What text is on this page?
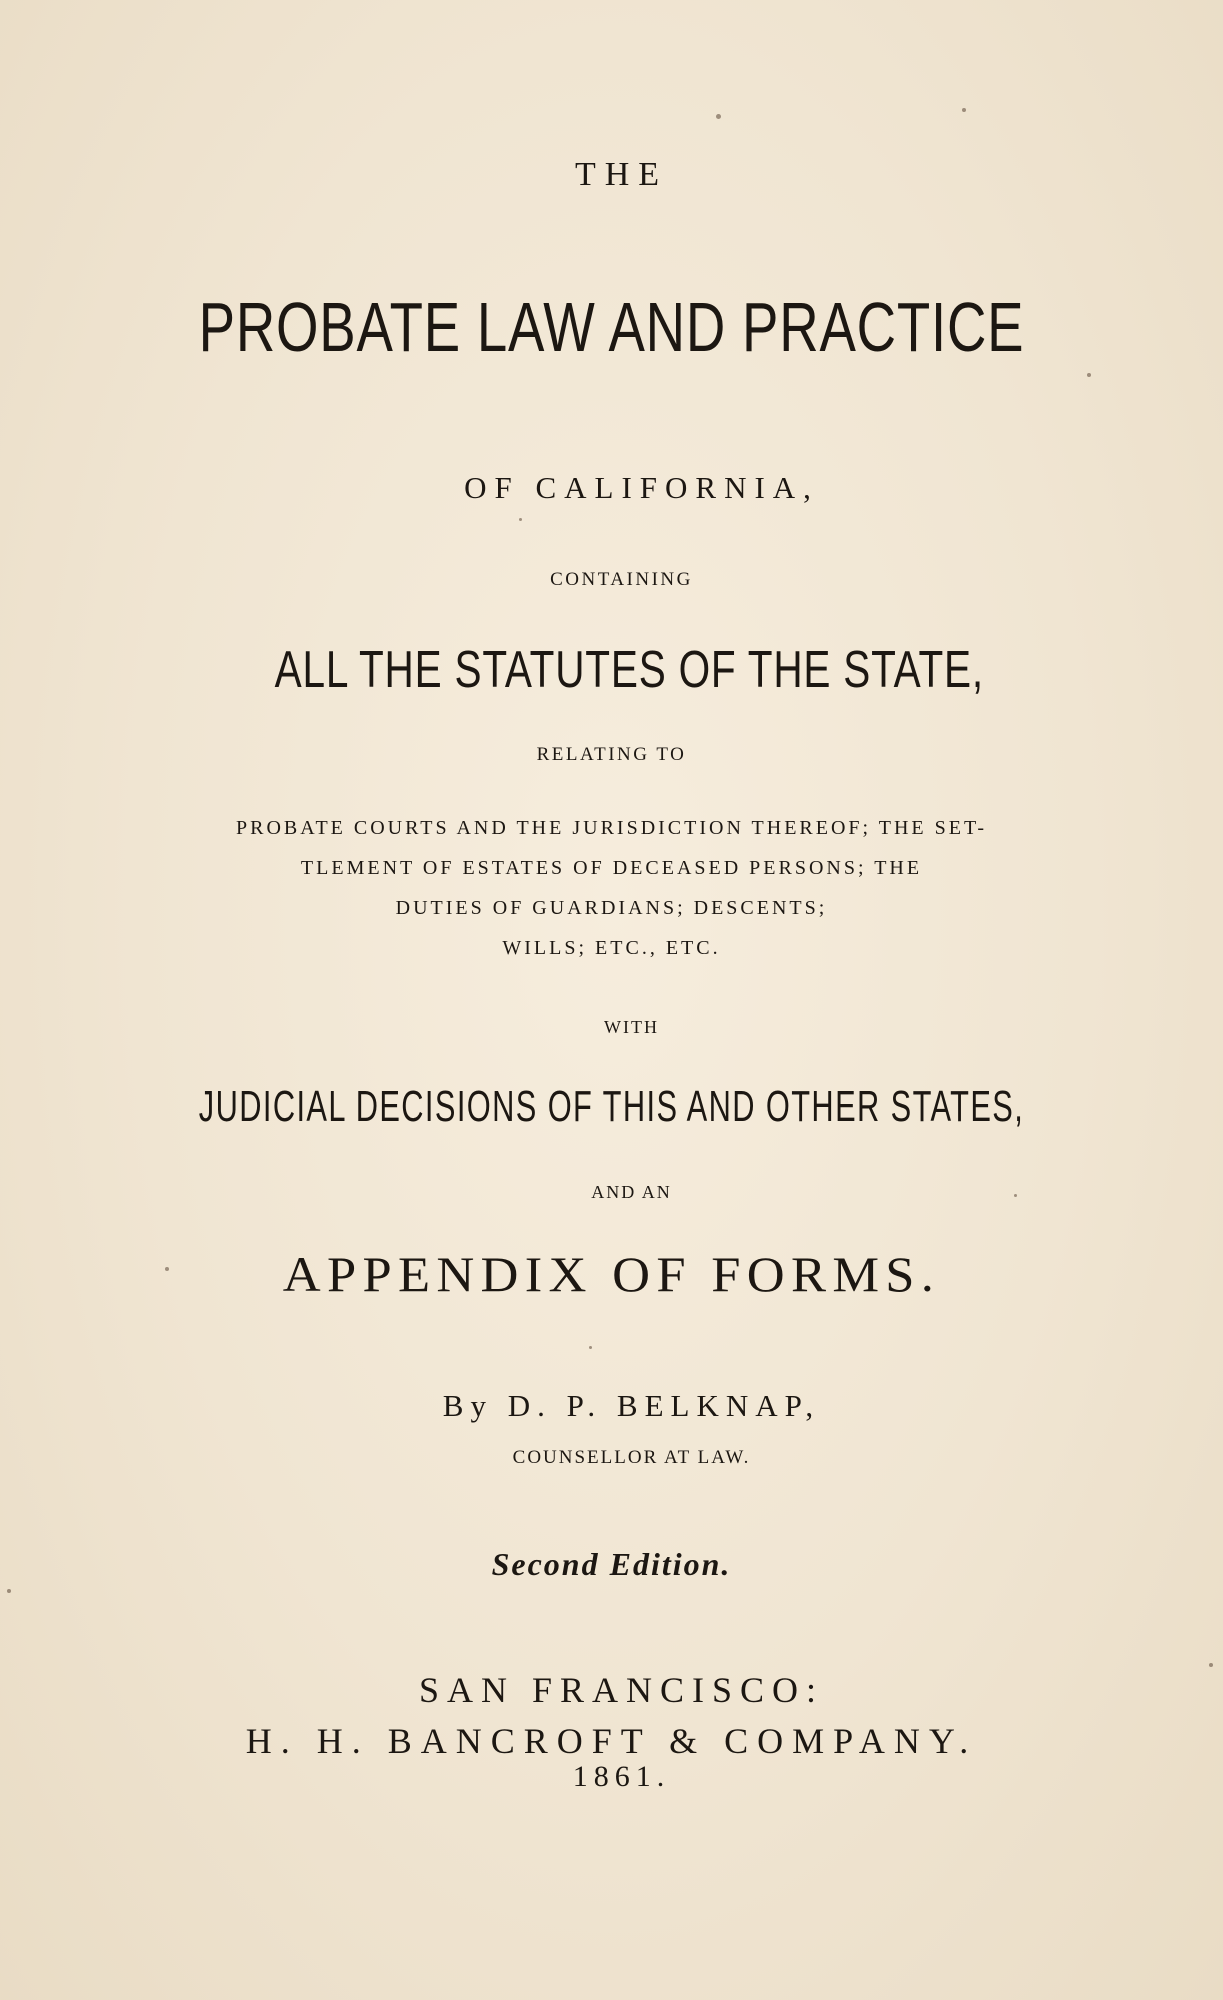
THE
PROBATE LAW AND PRACTICE
OF CALIFORNIA,
CONTAINING
ALL THE STATUTES OF THE STATE,
RELATING TO
PROBATE COURTS AND THE JURISDICTION THEREOF; THE SET-
TLEMENT OF ESTATES OF DECEASED PERSONS; THE
DUTIES OF GUARDIANS; DESCENTS;
WILLS; ETC., ETC.
WITH
JUDICIAL DECISIONS OF THIS AND OTHER STATES,
AND AN
APPENDIX OF FORMS.
By D. P. BELKNAP,
COUNSELLOR AT LAW.
Second Edition.
SAN FRANCISCO:
H. H. BANCROFT & COMPANY.
1861.
